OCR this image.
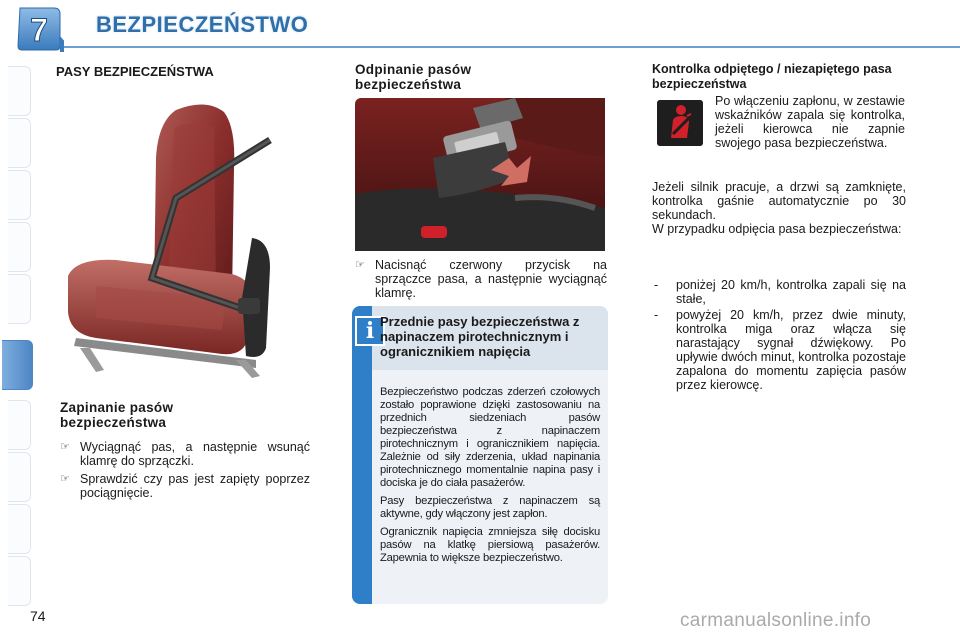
7 BEZPIECZEŃSTWO
PASY BEZPIECZEŃSTWA
Zapinanie pasów bezpieczeństwa
☞ Wyciągnąć pas, a następnie wsunąć klamrę do sprzączki.
☞ Sprawdzić czy pas jest zapięty poprzez pociągnięcie.
Odpinanie pasów bezpieczeństwa
☞ Nacisnąć czerwony przycisk na sprzączce pasa, a następnie wyciągnąć klamrę.
i Przednie pasy bezpieczeństwa z napinaczem pirotechnicznym i ogranicznikiem napięcia

Bezpieczeństwo podczas zderzeń czołowych zostało poprawione dzięki zastosowaniu na przednich siedzeniach pasów bezpieczeństwa z napinaczem pirotechnicznym i ogranicznikiem napięcia. Zależnie od siły zderzenia, układ napinania pirotechnicznego momentalnie napina pasy i dociska je do ciała pasażerów.

Pasy bezpieczeństwa z napinaczem są aktywne, gdy włączony jest zapłon.

Ogranicznik napięcia zmniejsza siłę docisku pasów na klatkę piersiową pasażerów. Zapewnia to większe bezpieczeństwo.

Kontrolka odpiętego / niezapiętego pasa bezpieczeństwa
Po włączeniu zapłonu, w zestawie wskaźników zapala się kontrolka, jeżeli kierowca nie zapnie swojego pasa bezpieczeństwa.

Jeżeli silnik pracuje, a drzwi są zamknięte, kontrolka gaśnie automatycznie po 30 sekundach.

W przypadku odpięcia pasa bezpieczeństwa:

- poniżej 20 km/h, kontrolka zapali się na stałe,
- powyżej 20 km/h, przez dwie minuty, kontrolka miga oraz włącza się narastający sygnał dźwiękowy. Po upływie dwóch minut, kontrolka pozostaje zapalona do momentu zapięcia pasów przez kierowcę.
74	carmanualsonline.info
